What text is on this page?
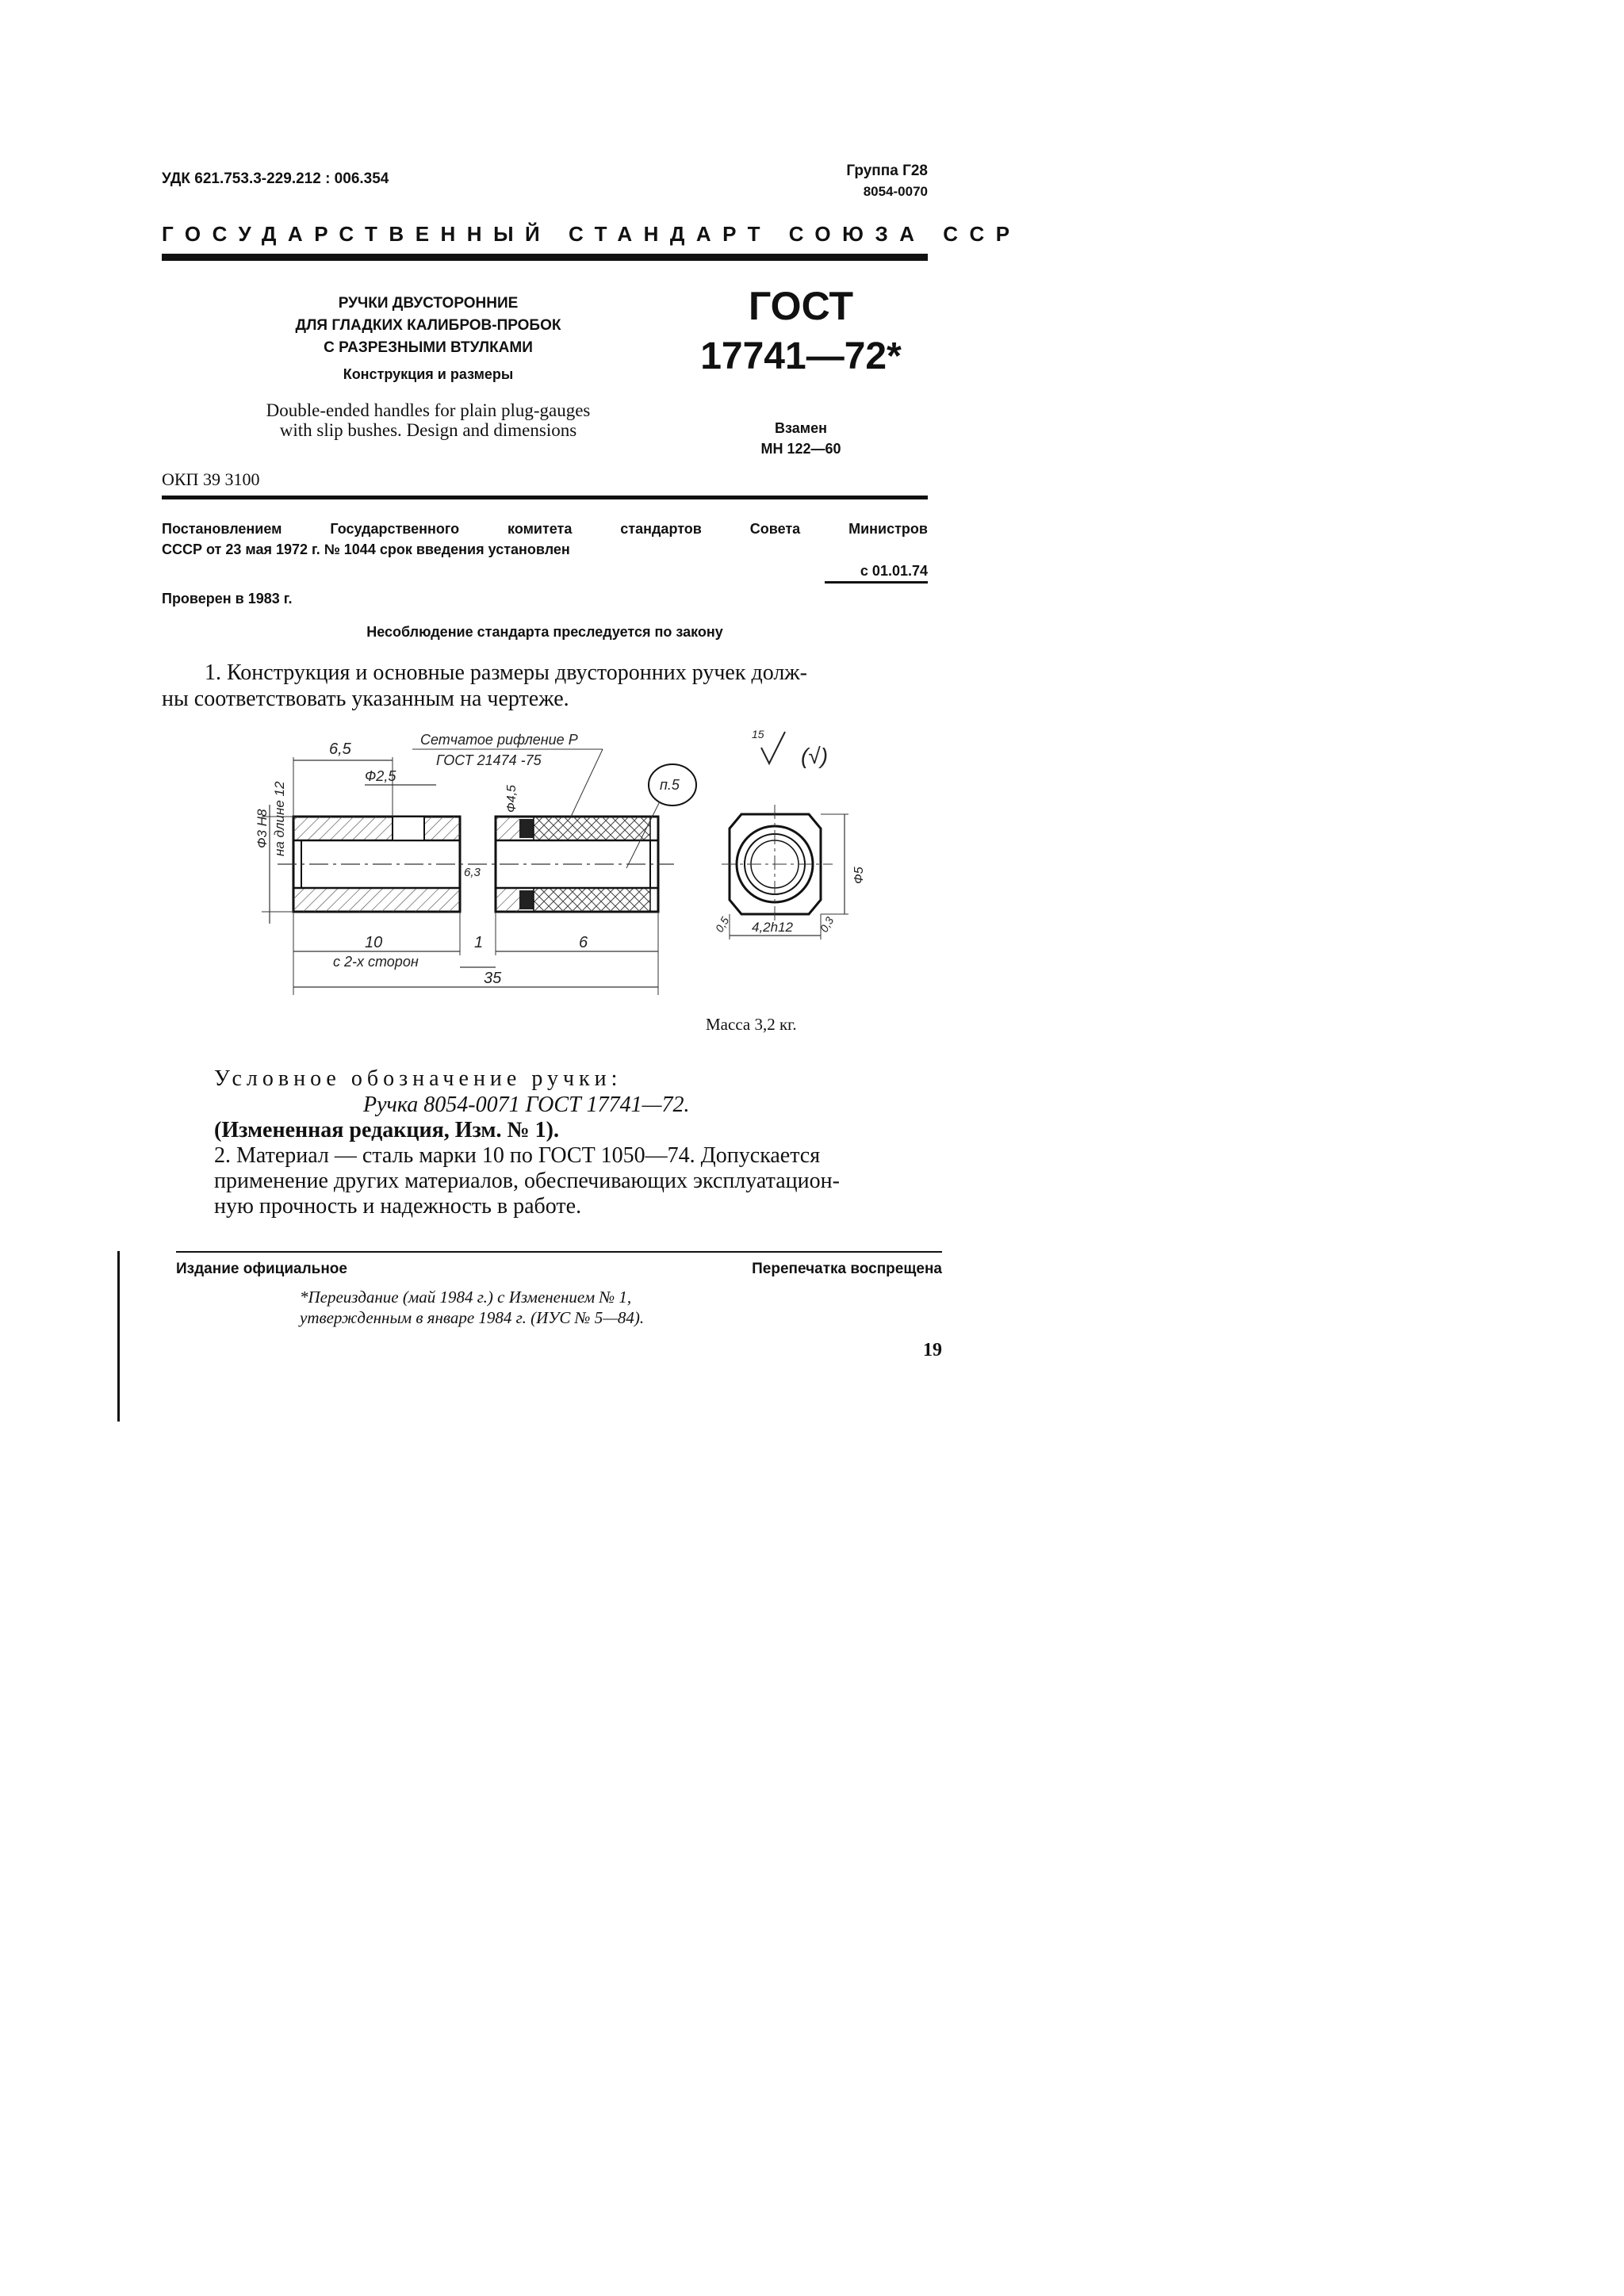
УДК 621.753.3-229.212 : 006.354	Группа Г28
8054-0070
ГОСУДАРСТВЕННЫЙ СТАНДАРТ СОЮЗА ССР
РУЧКИ ДВУСТОРОННИЕ
ДЛЯ ГЛАДКИХ КАЛИБРОВ-ПРОБОК
С РАЗРЕЗНЫМИ ВТУЛКАМИ
Конструкция и размеры
Double-ended handles for plain plug-gauges
with slip bushes. Design and dimensions
ГОСТ
17741—72*
Взамен
МН 122—60
ОКП 39 3100
Постановлением Государственного комитета стандартов Совета Министров
СССР от 23 мая 1972 г. № 1044 срок введения установлен
с 01.01.74
Проверен в 1983 г.
Несоблюдение стандарта преследуется по закону
1. Конструкция и основные размеры двусторонних ручек долж-
ны соответствовать указанным на чертеже.
6,5
Сетчатое рифление Р
ГОСТ 21474 -75
п.5
Ф2,5
Ф4,5
Ф3 Н8 на длине 12
6,3
10
с 2-х сторон
1	6
35
15
(√)
Ф5
4,2h12
0,5	0,3
Масса 3,2 кг.
Условное обозначение ручки:
Ручка 8054-0071 ГОСТ 17741—72.
(Измененная редакция, Изм. № 1).
2. Материал — сталь марки 10 по ГОСТ 1050—74. Допускается
применение других материалов, обеспечивающих эксплуатацион-
ную прочность и надежность в работе.
Издание официальное	Перепечатка воспрещена
*Переиздание (май 1984 г.) с Изменением № 1,
утвержденным в январе 1984 г. (ИУС № 5—84).
19
